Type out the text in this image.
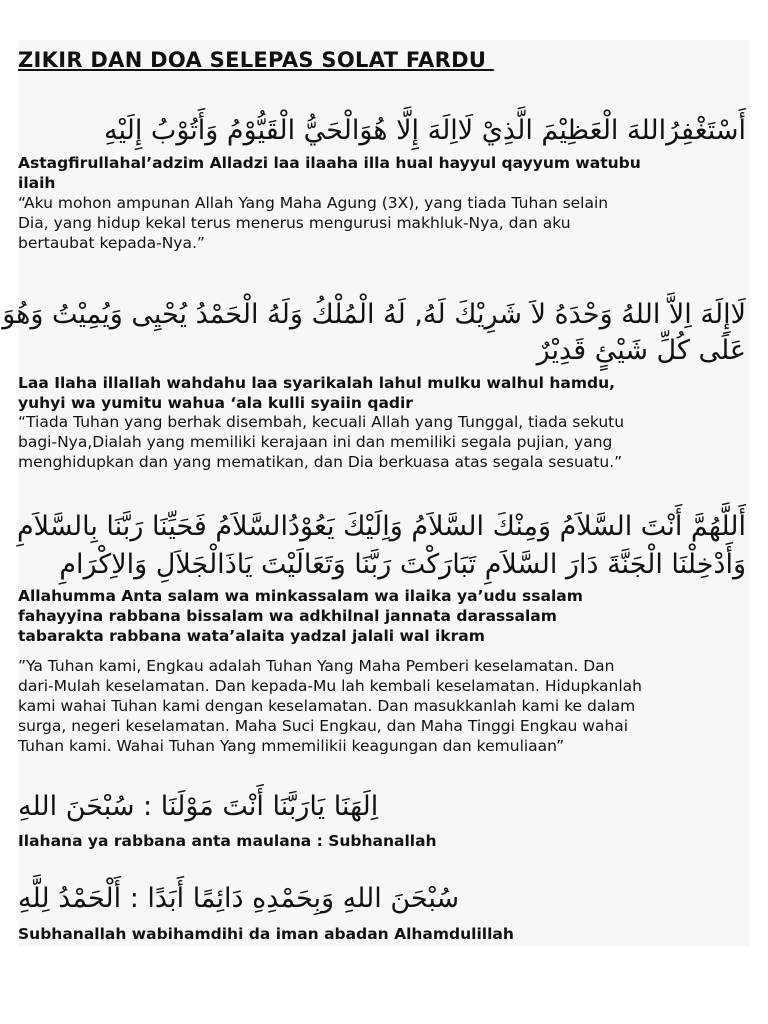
ZIKIR DAN DOA SELEPAS SOLAT FARDU
أَسْتَغْفِرُاللهَ الْعَظِيْمَ الَّذِيْ لَااِلَهَ إِلَّا هُوَالْحَيُّ الْقَيُّوْمُ وَأَتُوْبُ إِلَيْهِ
Astagfirullahal’adzim Alladzi laa ilaaha illa hual hayyul qayyum watubu
ilaih
“Aku mohon ampunan Allah Yang Maha Agung (3X), yang tiada Tuhan selain
Dia, yang hidup kekal terus menerus mengurusi makhluk-Nya, dan aku
bertaubat kepada-Nya.”
لَاإِلَهَ اِلاَّ اللهُ وَحْدَهُ لاَ شَرِيْكَ لَهُ, لَهُ الْمُلْكُ وَلَهُ الْحَمْدُ يُحْيِى وَيُمِيْتُ وَهُوَ
عَلَى كُلِّ شَيْئٍ قَدِيْرٌ
Laa Ilaha illallah wahdahu laa syarikalah lahul mulku walhul hamdu,
yuhyi wa yumitu wahua ‘ala kulli syaiin qadir
“Tiada Tuhan yang berhak disembah, kecuali Allah yang Tunggal, tiada sekutu
bagi-Nya,Dialah yang memiliki kerajaan ini dan memiliki segala pujian, yang
menghidupkan dan yang mematikan, dan Dia berkuasa atas segala sesuatu.”
أَللَّهُمَّ أَنْتَ السَّلاَمُ وَمِنْكَ السَّلاَمُ وَاِلَيْكَ يَعُوْدُالسَّلاَمُ فَحَيِّنَا رَبَّنَا بِالسَّلاَمِ
وَأَدْخِلْنَا الْجَنَّةَ دَارَ السَّلاَمِ تَبَارَكْتَ رَبَّنَا وَتَعَالَيْتَ يَاذَالْجَلاَلِ وَالاِكْرَامِ
Allahumma Anta salam wa minkassalam wa ilaika ya’udu ssalam
fahayyina rabbana bissalam wa adkhilnal jannata darassalam
tabarakta rabbana wata’alaita yadzal jalali wal ikram
”Ya Tuhan kami, Engkau adalah Tuhan Yang Maha Pemberi keselamatan. Dan
dari-Mulah keselamatan. Dan kepada-Mu lah kembali keselamatan. Hidupkanlah
kami wahai Tuhan kami dengan keselamatan. Dan masukkanlah kami ke dalam
surga, negeri keselamatan. Maha Suci Engkau, dan Maha Tinggi Engkau wahai
Tuhan kami. Wahai Tuhan Yang mmemilikii keagungan dan kemuliaan”
اِلَهَنَا يَارَبَّنَا أَنْتَ مَوْلَنَا : سُبْحَنَ اللهِ
Ilahana ya rabbana anta maulana : Subhanallah
سُبْحَنَ اللهِ وَبِحَمْدِهِ دَائِمًا أَبَدًا : أَلْحَمْدُ لِلَّهِ
Subhanallah wabihamdihi da iman abadan Alhamdulillah
